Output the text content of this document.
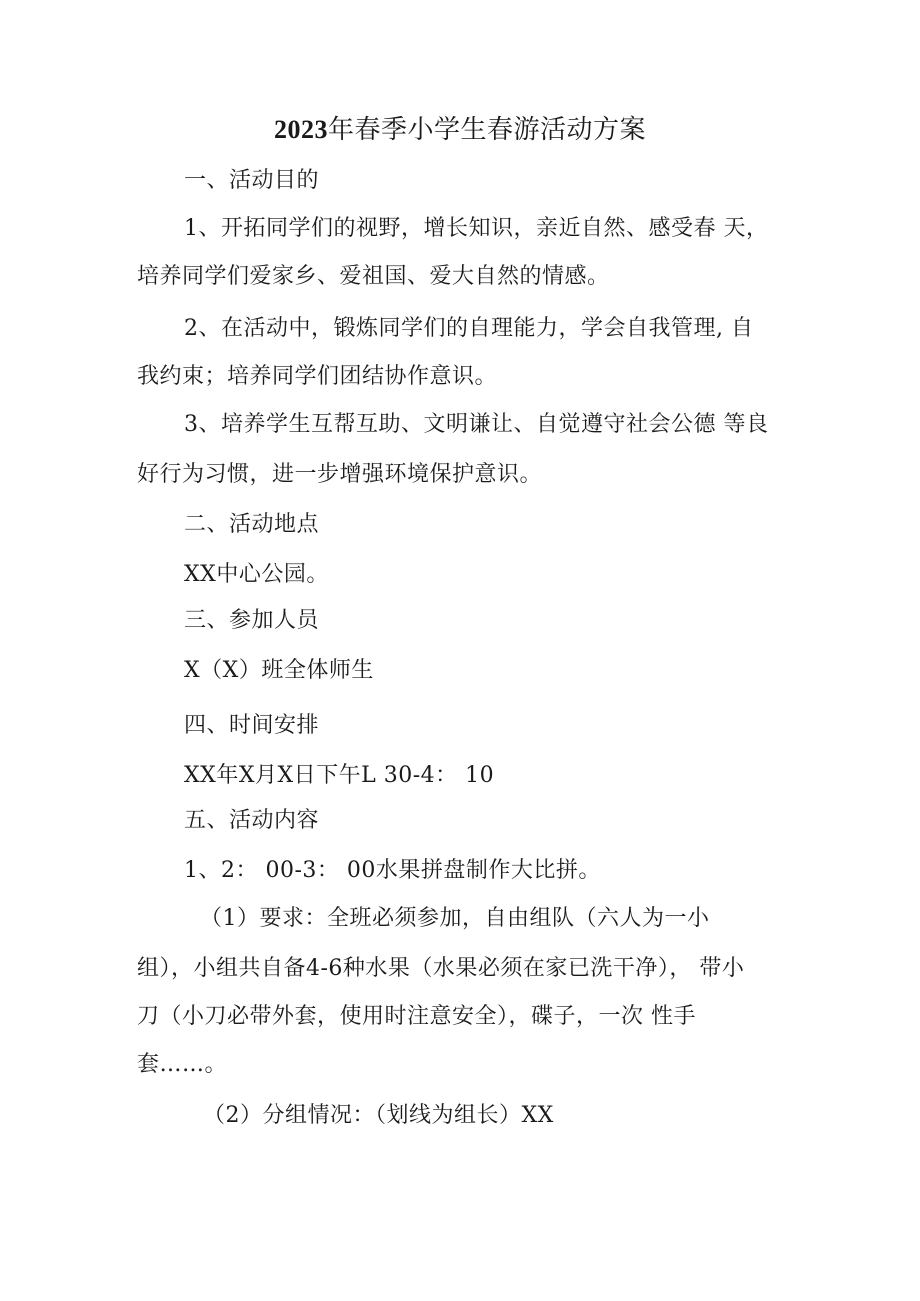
2023年春季小学生春游活动方案
一、活动目的
1、开拓同学们的视野，增长知识，亲近自然、感受春 天，
培养同学们爱家乡、爱祖国、爱大自然的情感。
2、在活动中，锻炼同学们的自理能力，学会自我管理, 自
我约束；培养同学们团结协作意识。
3、培养学生互帮互助、文明谦让、自觉遵守社会公德 等良
好行为习惯，进一步增强环境保护意识。
二、活动地点
XX中心公园。
三、参加人员
X（X）班全体师生
四、时间安排
XX年X月X日下午L 30-4： 10
五、活动内容
1、2： 00-3： 00水果拼盘制作大比拼。
（1）要求：全班必须参加，自由组队（六人为一小
组），小组共自备4-6种水果（水果必须在家已洗干净）， 带小
刀（小刀必带外套，使用时注意安全），碟子，一次 性手
套……。
（2）分组情况：（划线为组长）XX
